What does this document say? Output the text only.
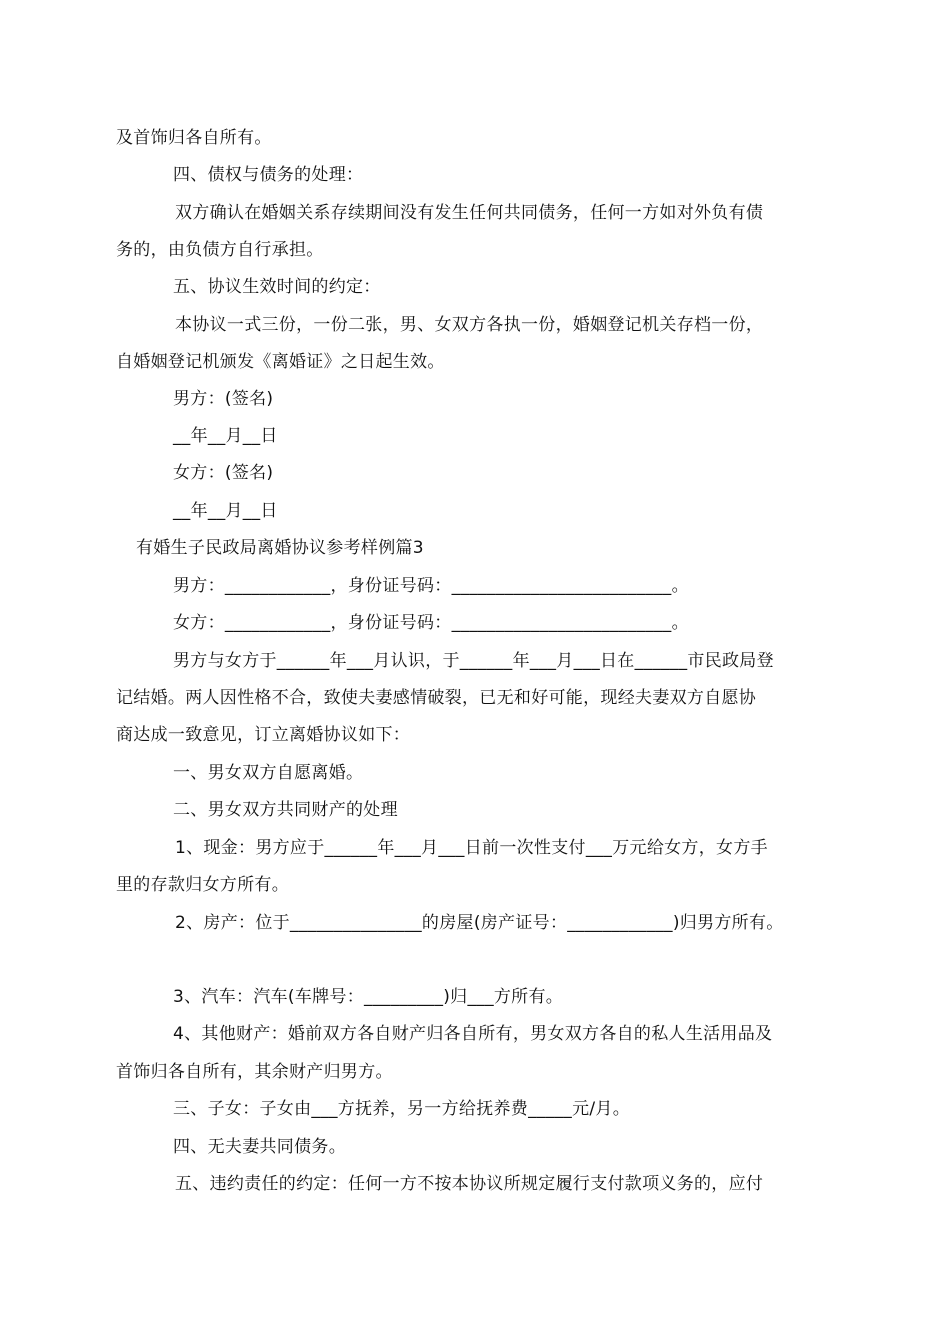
及首饰归各自所有。
四、债权与债务的处理：
双方确认在婚姻关系存续期间没有发生任何共同债务，任何一方如对外负有债
务的，由负债方自行承担。
五、协议生效时间的约定：
本协议一式三份，一份二张，男、女双方各执一份，婚姻登记机关存档一份，
自婚姻登记机颁发《离婚证》之日起生效。
男方：(签名)
__年__月__日
女方：(签名)
__年__月__日
有婚生子民政局离婚协议参考样例篇3
男方：____________，身份证号码：_________________________。
女方：____________，身份证号码：_________________________。
男方与女方于______年___月认识，于______年___月___日在______市民政局登
记结婚。两人因性格不合，致使夫妻感情破裂，已无和好可能，现经夫妻双方自愿协
商达成一致意见，订立离婚协议如下：
一、男女双方自愿离婚。
二、男女双方共同财产的处理
1、现金：男方应于______年___月___日前一次性支付___万元给女方，女方手
里的存款归女方所有。
2、房产：位于_______________的房屋(房产证号：____________)归男方所有。
3、汽车：汽车(车牌号：_________)归___方所有。
4、其他财产：婚前双方各自财产归各自所有，男女双方各自的私人生活用品及
首饰归各自所有，其余财产归男方。
三、子女：子女由___方抚养，另一方给抚养费_____元/月。
四、无夫妻共同债务。
五、违约责任的约定：任何一方不按本协议所规定履行支付款项义务的，应付
